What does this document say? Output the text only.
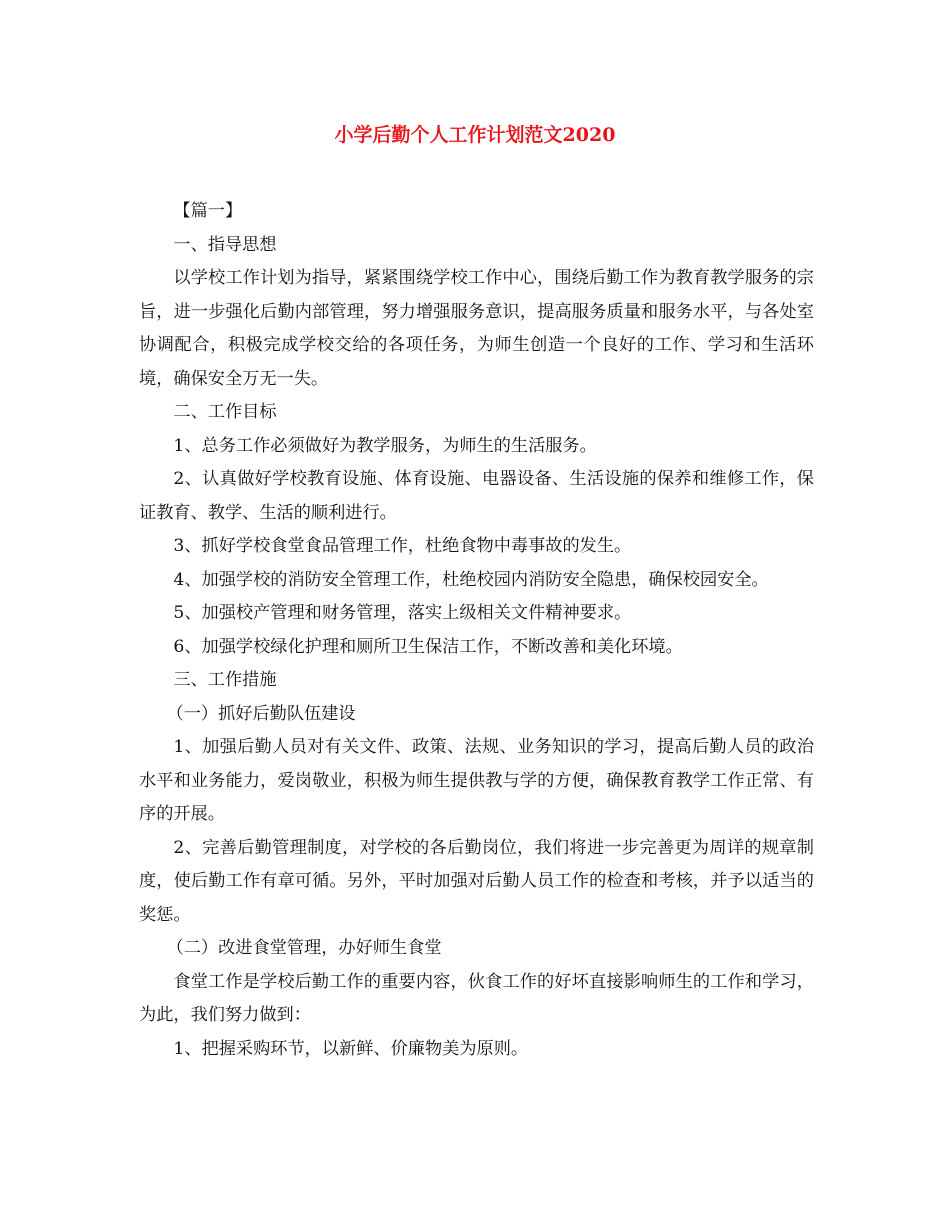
小学后勤个人工作计划范文2020

【篇一】

一、指导思想

以学校工作计划为指导，紧紧围绕学校工作中心，围绕后勤工作为教育教学服务的宗旨，进一步强化后勤内部管理，努力增强服务意识，提高服务质量和服务水平，与各处室协调配合，积极完成学校交给的各项任务，为师生创造一个良好的工作、学习和生活环境，确保安全万无一失。

二、工作目标

1、总务工作必须做好为教学服务，为师生的生活服务。

2、认真做好学校教育设施、体育设施、电器设备、生活设施的保养和维修工作，保证教育、教学、生活的顺利进行。

3、抓好学校食堂食品管理工作，杜绝食物中毒事故的发生。

4、加强学校的消防安全管理工作，杜绝校园内消防安全隐患，确保校园安全。

5、加强校产管理和财务管理，落实上级相关文件精神要求。

6、加强学校绿化护理和厕所卫生保洁工作，不断改善和美化环境。

三、工作措施

（一）抓好后勤队伍建设

1、加强后勤人员对有关文件、政策、法规、业务知识的学习，提高后勤人员的政治水平和业务能力，爱岗敬业，积极为师生提供教与学的方便，确保教育教学工作正常、有序的开展。

2、完善后勤管理制度，对学校的各后勤岗位，我们将进一步完善更为周详的规章制度，使后勤工作有章可循。另外，平时加强对后勤人员工作的检查和考核，并予以适当的奖惩。

（二）改进食堂管理，办好师生食堂

食堂工作是学校后勤工作的重要内容，伙食工作的好坏直接影响师生的工作和学习，为此，我们努力做到：

1、把握采购环节，以新鲜、价廉物美为原则。
